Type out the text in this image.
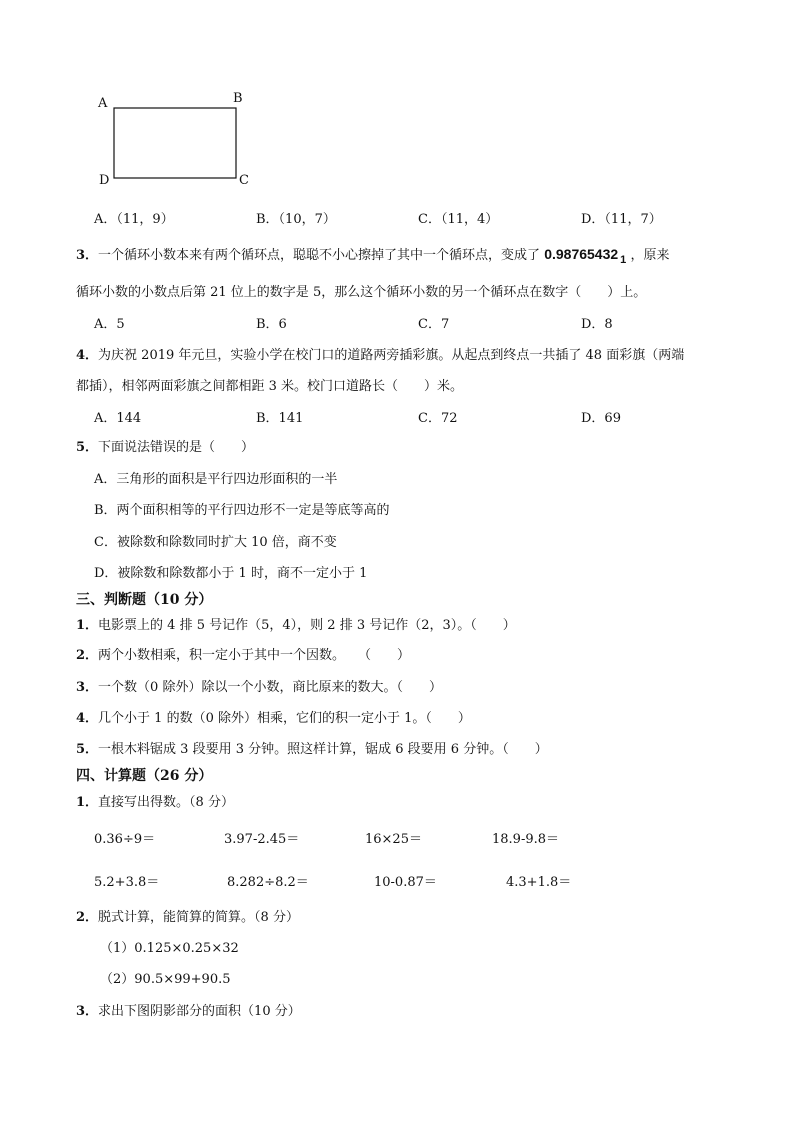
A	B
D	C
A．（11，9）	B．（10，7）	C．（11，4）	D．（11，7）
3．一个循环小数本来有两个循环点，聪聪不小心擦掉了其中一个循环点，变成了 0.98765432 $_1$ ，原来
循环小数的小数点后第 21 位上的数字是 5，那么这个循环小数的另一个循环点在数字（　　）上。
A．5	B．6	C．7	D．8
4．为庆祝 2019 年元旦，实验小学在校门口的道路两旁插彩旗。从起点到终点一共插了 48 面彩旗（两端
都插），相邻两面彩旗之间都相距 3 米。校门口道路长（　　）米。
A．144	B．141	C．72	D．69
5．下面说法错误的是（　　）
A．三角形的面积是平行四边形面积的一半
B．两个面积相等的平行四边形不一定是等底等高的
C．被除数和除数同时扩大 10 倍，商不变
D．被除数和除数都小于 1 时，商不一定小于 1
三、判断题（10 分）
1．电影票上的 4 排 5 号记作（5，4），则 2 排 3 号记作（2，3）。（　　）
2．两个小数相乘，积一定小于其中一个因数。　　（　　）
3．一个数（0 除外）除以一个小数，商比原来的数大。（　　）
4．几个小于 1 的数（0 除外）相乘，它们的积一定小于 1。（　　）
5．一根木料锯成 3 段要用 3 分钟。照这样计算，锯成 6 段要用 6 分钟。（　　）
四、计算题（26 分）
1．直接写出得数。（8 分）
0.36÷9＝	3.97-2.45＝	16×25＝	18.9-9.8＝
5.2+3.8＝	8.282÷8.2＝	10-0.87＝	4.3+1.8＝
2．脱式计算，能简算的简算。（8 分）
（1）0.125×0.25×32
（2）90.5×99+90.5
3．求出下图阴影部分的面积（10 分）
